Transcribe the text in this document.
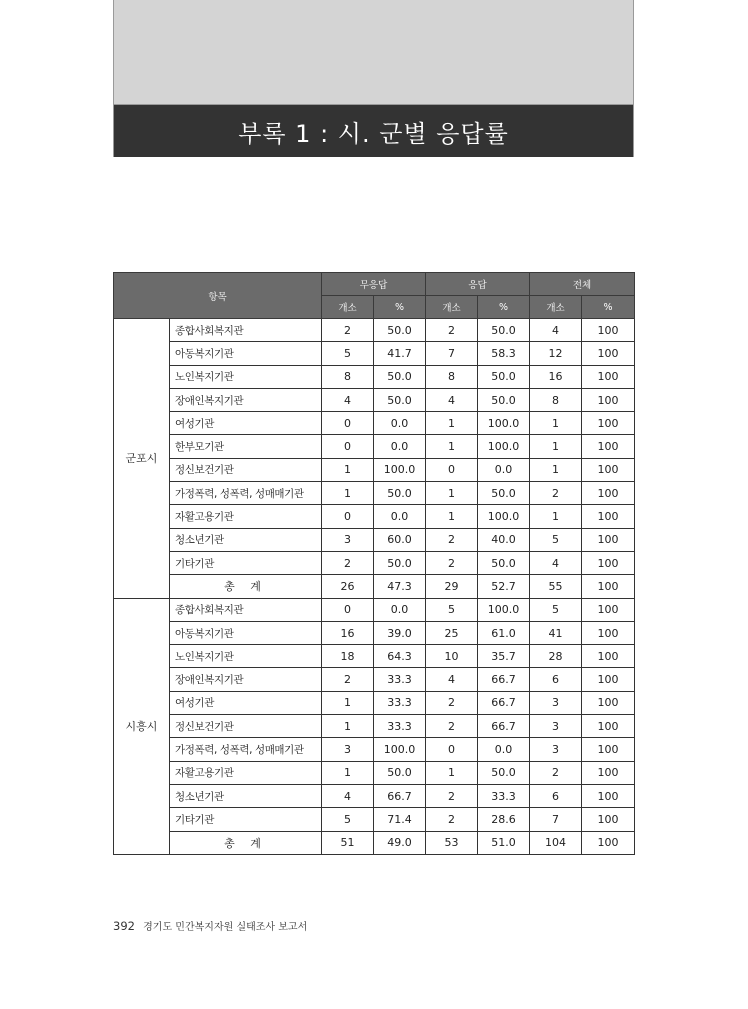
부록 1 : 시. 군별 응답률
항목		무응답		응답		전체	
		개소	%	개소	%	개소	%
군포시	종합사회복지관	2	50.0	2	50.0	4	100
	아동복지기관	5	41.7	7	58.3	12	100
	노인복지기관	8	50.0	8	50.0	16	100
	장애인복지기관	4	50.0	4	50.0	8	100
	여성기관	0	0.0	1	100.0	1	100
	한부모기관	0	0.0	1	100.0	1	100
	정신보건기관	1	100.0	0	0.0	1	100
	가정폭력, 성폭력, 성매매기관	1	50.0	1	50.0	2	100
	자활고용기관	0	0.0	1	100.0	1	100
	청소년기관	3	60.0	2	40.0	5	100
	기타기관	2	50.0	2	50.0	4	100
	총 계	26	47.3	29	52.7	55	100
시흥시	종합사회복지관	0	0.0	5	100.0	5	100
	아동복지기관	16	39.0	25	61.0	41	100
	노인복지기관	18	64.3	10	35.7	28	100
	장애인복지기관	2	33.3	4	66.7	6	100
	여성기관	1	33.3	2	66.7	3	100
	정신보건기관	1	33.3	2	66.7	3	100
	가정폭력, 성폭력, 성매매기관	3	100.0	0	0.0	3	100
	자활고용기관	1	50.0	1	50.0	2	100
	청소년기관	4	66.7	2	33.3	6	100
	기타기관	5	71.4	2	28.6	7	100
	총 계	51	49.0	53	51.0	104	100
392 경기도 민간복지자원 실태조사 보고서
